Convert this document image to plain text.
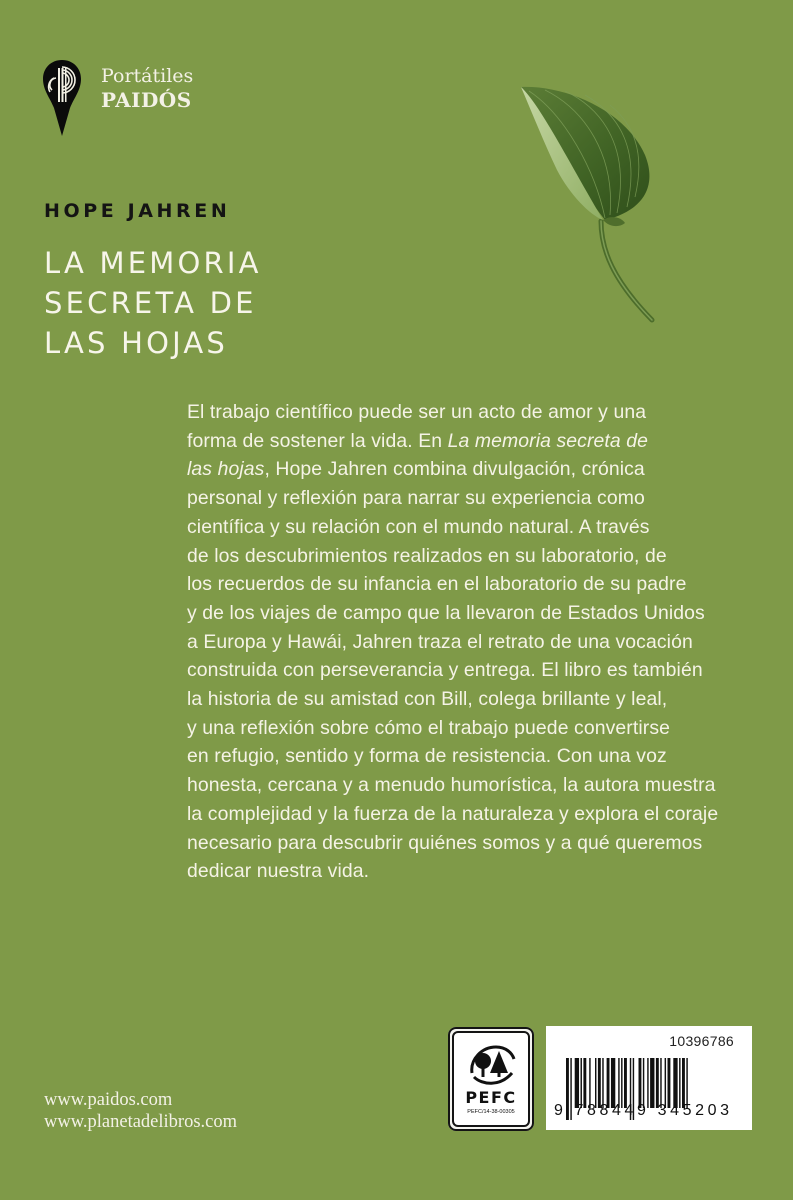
Portátiles
PAIDÓS
HOPE JAHREN
LA MEMORIA
SECRETA DE
LAS HOJAS
El trabajo científico puede ser un acto de amor y una
forma de sostener la vida. En La memoria secreta de
las hojas, Hope Jahren combina divulgación, crónica
personal y reflexión para narrar su experiencia como
científica y su relación con el mundo natural. A través
de los descubrimientos realizados en su laboratorio, de
los recuerdos de su infancia en el laboratorio de su padre
y de los viajes de campo que la llevaron de Estados Unidos
a Europa y Hawái, Jahren traza el retrato de una vocación
construida con perseverancia y entrega. El libro es también
la historia de su amistad con Bill, colega brillante y leal,
y una reflexión sobre cómo el trabajo puede convertirse
en refugio, sentido y forma de resistencia. Con una voz
honesta, cercana y a menudo humorística, la autora muestra
la complejidad y la fuerza de la naturaleza y explora el coraje
necesario para descubrir quiénes somos y a qué queremos
dedicar nuestra vida.
www.paidos.com
www.planetadelibros.com
PEFC
PEFC/14-38-00305
10396786
9 788449 345203
